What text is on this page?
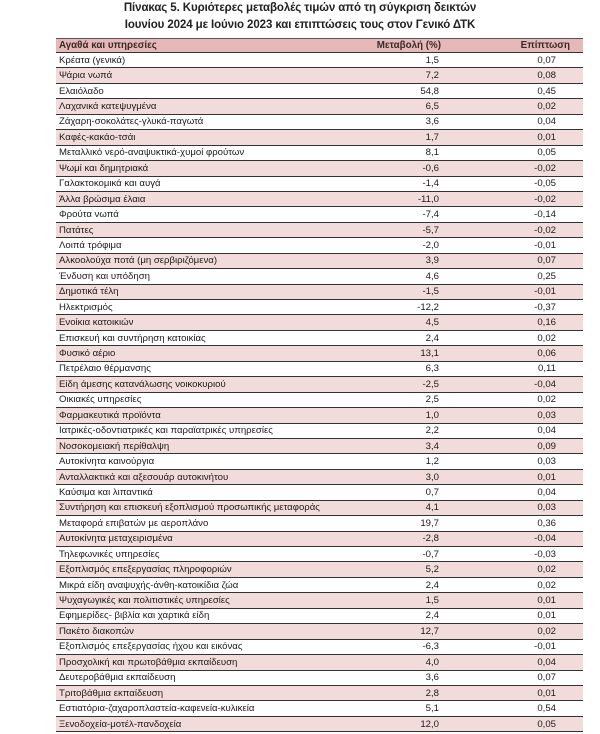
Πίνακας 5. Κυριότερες μεταβολές τιμών από τη σύγκριση δεικτών
Ιουνίου 2024 με Ιούνιο 2023 και επιπτώσεις τους στον Γενικό ΔΤΚ
Αγαθά και υπηρεσίες	Μεταβολή (%)	Επίπτωση
Κρέατα (γενικά)	1,5	0,07
Ψάρια νωπά	7,2	0,08
Ελαιόλαδο	54,8	0,45
Λαχανικά κατεψυγμένα	6,5	0,02
Ζάχαρη-σοκολάτες-γλυκά-παγωτά	3,6	0,04
Καφές-κακάο-τσάι	1,7	0,01
Μεταλλικό νερό-αναψυκτικά-χυμοί φρούτων	8,1	0,05
Ψωμί και δημητριακά	-0,6	-0,02
Γαλακτοκομικά και αυγά	-1,4	-0,05
Άλλα βρώσιμα έλαια	-11,0	-0,02
Φρούτα νωπά	-7,4	-0,14
Πατάτες	-5,7	-0,02
Λοιπά τρόφιμα	-2,0	-0,01
Αλκοολούχα ποτά (μη σερβιριζόμενα)	3,9	0,07
Ένδυση και υπόδηση	4,6	0,25
Δημοτικά τέλη	-1,5	-0,01
Ηλεκτρισμός	-12,2	-0,37
Ενοίκια κατοικιών	4,5	0,16
Επισκευή και συντήρηση κατοικίας	2,4	0,02
Φυσικό αέριο	13,1	0,06
Πετρέλαιο θέρμανσης	6,3	0,11
Είδη άμεσης κατανάλωσης νοικοκυριού	-2,5	-0,04
Οικιακές υπηρεσίες	2,5	0,02
Φαρμακευτικά προϊόντα	1,0	0,03
Ιατρικές-οδοντιατρικές και παραϊατρικές υπηρεσίες	2,2	0,04
Νοσοκομειακή περίθαλψη	3,4	0,09
Αυτοκίνητα καινούργια	1,2	0,03
Ανταλλακτικά και αξεσουάρ αυτοκινήτου	3,0	0,01
Καύσιμα και λιπαντικά	0,7	0,04
Συντήρηση και επισκευή εξοπλισμού προσωπικής μεταφοράς	4,1	0,03
Μεταφορά επιβατών με αεροπλάνο	19,7	0,36
Αυτοκίνητα μεταχειρισμένα	-2,8	-0,04
Τηλεφωνικές υπηρεσίες	-0,7	-0,03
Εξοπλισμός επεξεργασίας πληροφοριών	5,2	0,02
Μικρά είδη αναψυχής-άνθη-κατοικίδια ζώα	2,4	0,02
Ψυχαγωγικές και πολιτιστικές υπηρεσίες	1,5	0,01
Εφημερίδες- βιβλία και χαρτικά είδη	2,4	0,01
Πακέτο διακοπών	12,7	0,02
Εξοπλισμός επεξεργασίας ήχου και εικόνας	-6,3	-0,01
Προσχολική και πρωτοβάθμια εκπαίδευση	4,0	0,04
Δευτεροβάθμια εκπαίδευση	3,6	0,07
Τριτοβάθμια εκπαίδευση	2,8	0,01
Εστιατόρια-ζαχαροπλαστεία-καφενεία-κυλικεία	5,1	0,54
Ξενοδοχεία-μοτέλ-πανδοχεία	12,0	0,05
